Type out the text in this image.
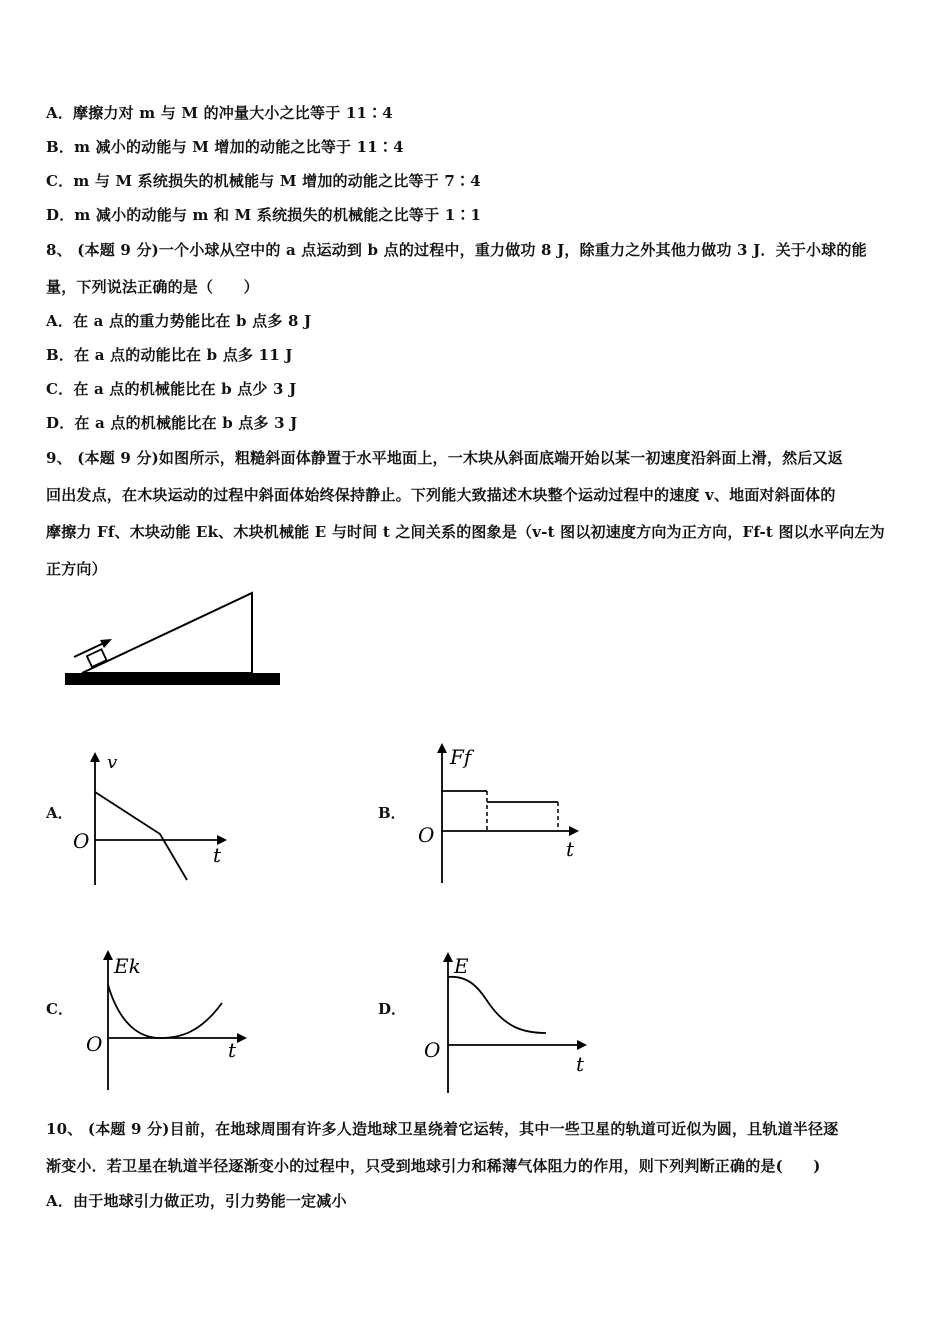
A．摩擦力对 m 与 M 的冲量大小之比等于 11∶4
B．m 减小的动能与 M 增加的动能之比等于 11∶4
C．m 与 M 系统损失的机械能与 M 增加的动能之比等于 7∶4
D．m 减小的动能与 m 和 M 系统损失的机械能之比等于 1∶1
8、 (本题 9 分)一个小球从空中的 a 点运动到 b 点的过程中，重力做功 8 J，除重力之外其他力做功 3 J．关于小球的能
量，下列说法正确的是（　　）
A．在 a 点的重力势能比在 b 点多 8 J
B．在 a 点的动能比在 b 点多 11 J
C．在 a 点的机械能比在 b 点少 3 J
D．在 a 点的机械能比在 b 点多 3 J
9、 (本题 9 分)如图所示，粗糙斜面体静置于水平地面上，一木块从斜面底端开始以某一初速度沿斜面上滑，然后又返
回出发点，在木块运动的过程中斜面体始终保持静止。下列能大致描述木块整个运动过程中的速度 v、地面对斜面体的
摩擦力 Ff、木块动能 Ek、木块机械能 E 与时间 t 之间关系的图象是（v-t 图以初速度方向为正方向，Ff-t 图以水平向左为
正方向）
A．
v
O
t
B．
Ff
O
t
C．
Ek
O	t
D．
E
O
t
10、 (本题 9 分)目前，在地球周围有许多人造地球卫星绕着它运转，其中一些卫星的轨道可近似为圆，且轨道半径逐
渐变小．若卫星在轨道半径逐渐变小的过程中，只受到地球引力和稀薄气体阻力的作用，则下列判断正确的是(　　)
A．由于地球引力做正功，引力势能一定减小
